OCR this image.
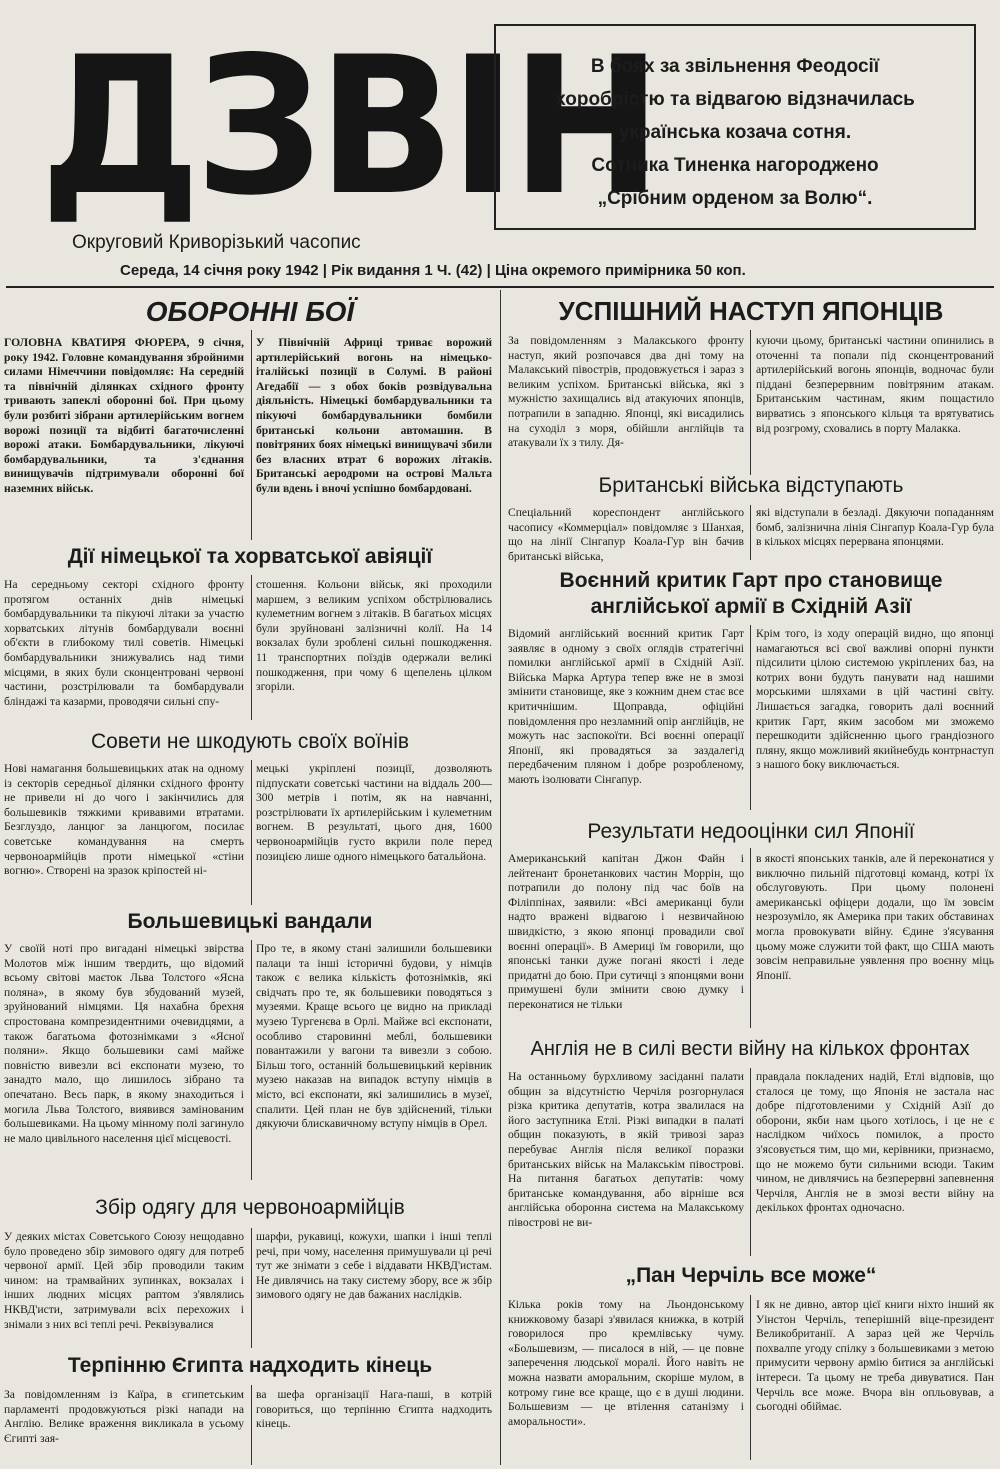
ДЗВІН
Округовий Криворізький часопис
В боях за звільнення Феодосії
хоробрістю та відвагою відзначилась
українська козача сотня.
Сотника Тиненка нагороджено
„Срібним орденом за Волю“.
Середа, 14 січня року 1942 | Рік видання 1 Ч. (42) | Ціна окремого примірника 50 коп.
ОБОРОННІ БОЇ
ГОЛОВНА КВАТИРЯ ФЮРЕРА, 9 січня, року 1942. Головне командування збройними силами Німеччини повідомляє: На середній та північній ділянках східного фронту тривають запеклі оборонні бої. При цьому були розбиті зібрани артилерійським вогнем ворожі позиції та відбиті багаточисленні ворожі атаки. Бомбардувальники, лікуючі бомбардувальники, та з'єднання винищувачів підтримували оборонні бої наземних військ.
У Північній Африці триває ворожий артилерійський вогонь на німецько-італійські позиції в Солумі. В районі Агедабії — з обох боків розвідувальна діяльність. Німецькі бомбардувальники та пікуючі бомбардувальники бомбили британські кольони автомашин. В повітряних боях німецькі винищувачі збили без власних втрат 6 ворожих літаків. Британські аеродроми на острові Мальта були вдень і вночі успішно бомбардовані.
Дії німецької та хорватської авіяції
На середньому секторі східного фронту протягом останніх днів німецькі бомбардувальники та пікуючі літаки за участю хорватських літунів бомбардували воєнні об'єкти в глибокому тилі советів. Німецькі бомбардувальники знижувались над тими місцями, в яких були сконцентровані червоні частини, розстрілювали та бомбардували бліндажі та казарми, проводячи сильні спу-
стошення. Кольони військ, які проходили маршем, з великим успіхом обстрілювались кулеметним вогнем з літаків. В багатьох місцях були зруйновані залізничні колії. На 14 вокзалах були зроблені сильні пошкодження. 11 транспортних поїздів одержали великі пошкодження, при чому 6 щепелень цілком згоріли.
Совети не шкодують своїх воїнів
Нові намагання большевицьких атак на одному із секторів середньої ділянки східного фронту не привели ні до чого і закінчились для большевиків тяжкими кривавими втратами. Безглуздо, ланцюг за ланцюгом, посилає советське командування на смерть червоноармійців проти німецької «стіни вогню». Створені на зразок кріпостей ні-
мецькі укріплені позиції, дозволяють підпускати советські частини на віддаль 200—300 метрів і потім, як на навчанні, розстрілювати їх артилерійським і кулеметним вогнем. В результаті, цього дня, 1600 червоноармійців густо вкрили поле перед позицією лише одного німецького батальйона.
Большевицькі вандали
У своїй ноті про вигадані німецькі звірства Молотов між іншим твердить, що відомий всьому світові маєток Льва Толстого «Ясна поляна», в якому був збудований музей, зруйнований німцями. Ця нахабна брехня спростована компрезидентними очевидцями, а також багатьома фотознімками з «Ясної поляни». Якщо большевики самі майже повністю вивезли всі експонати музею, то занадто мало, що лишилось зібрано та опечатано. Весь парк, в якому знаходиться і могила Льва Толстого, виявився замінованим большевиками. На цьому мінному полі загинуло не мало цивільного населення цієї місцевості.
Про те, в якому стані залишили большевики палаци та інші історичні будови, у німців також є велика кількість фотознімків, які свідчать про те, як большевики поводяться з музеями. Краще всього це видно на прикладі музею Тургенєва в Орлі. Майже всі експонати, особливо старовинні меблі, большевики повантажили у вагони та вивезли з собою. Більш того, останній большевицький керівник музею наказав на випадок вступу німців в місто, всі експонати, які залишились в музеї, спалити. Цей план не був здійснений, тільки дякуючи блискавичному вступу німців в Орел.
Збір одягу для червоноармійців
У деяких містах Советського Союзу нещодавно було проведено збір зимового одягу для потреб червоної армії. Цей збір проводили таким чином: на трамвайних зупинках, вокзалах і інших людних місцях раптом з'являлись НКВД'исти, затримували всіх перехожих і знімали з них всі теплі речі. Реквізувалися
шарфи, рукавиці, кожухи, шапки і інші теплі речі, при чому, населення примушували ці речі тут же знімати з себе і віддавати НКВД'истам. Не дивлячись на таку систему збору, все ж збір зимового одягу не дав бажаних наслідків.
Терпінню Єгипта надходить кінець
За повідомленням із Каїра, в єгипетським парламенті продовжуються різкі напади на Англію. Велике враження викликала в усьому Єгипті зая-
ва шефа організації Нага-паші, в котрій говориться, що терпінню Єгипта надходить кінець.
УСПІШНИЙ НАСТУП ЯПОНЦІВ
За повідомленням з Малакського фронту наступ, який розпочався два дні тому на Малакський півострів, продовжується і зараз з великим успіхом. Британські війська, які з мужністю захищались від атакуючих японців, потрапили в западню. Японці, які висадились на суходіл з моря, обійшли англійців та атакували їх з тилу. Дя-
куючи цьому, британські частини опинились в оточенні та попали під сконцентрований артилерійський вогонь японців, водночас були піддані безперервним повітряним атакам. Британським частинам, яким пощастило вирватись з японського кільця та врятуватись від розгрому, сховались в порту Малакка.
Британські війська відступають
Спеціальний кореспондент англійського часопису «Коммерціал» повідомляє з Шанхая, що на лінії Сінгапур Коала-Гур він бачив британські війська,
які відступали в безладі. Дякуючи попаданням бомб, залізнична лінія Сінгапур Коала-Гур була в кількох місцях перервана японцями.
Воєнний критик Гарт про становище англійської армії в Східній Азії
Відомий англійський воєнний критик Гарт заявляє в одному з своїх оглядів стратегічні помилки англійської армії в Східній Азії. Війська Марка Артура тепер вже не в змозі змінити становище, яке з кожним днем стає все критичнішим. Щоправда, офіційні повідомлення про незламний опір англійців, не можуть нас заспокоїти. Всі воєнні операції Японії, які провадяться за заздалегід передбаченим пляном і добре розробленому, мають ізолювати Сінгапур.
Крім того, із ходу операцій видно, що японці намагаються всі свої важливі опорні пункти підсилити цілою системою укріплених баз, на котрих вони будуть панувати над нашими морськими шляхами в цій частині світу. Лишається загадка, говорить далі воєнний критик Гарт, яким засобом ми зможемо перешкодити здійсненню цього грандіозного пляну, якщо можливий якийнебудь контрнаступ з нашого боку виключається.
Результати недооцінки сил Японії
Американський капітан Джон Файн і лейтенант бронетанкових частин Моррін, що потрапили до полону під час боїв на Філіппінах, заявили: «Всі американці були надто вражені відвагою і незвичайною швидкістю, з якою японці провадили свої воєнні операції». В Америці їм говорили, що японські танки дуже погані якості і леде придатні до бою. При сутичці з японцями вони примушені були змінити свою думку і переконатися не тільки
в якості японських танків, але й переконатися у виключно пильній підготовці команд, котрі їх обслуговують. При цьому полонені американські офіцери додали, що їм зовсім незрозуміло, як Америка при таких обставинах могла провокувати війну. Єдине з'ясування цьому може служити той факт, що США мають зовсім неправильне уявлення про воєнну міць Японії.
Англія не в силі вести війну на кількох фронтах
На останньому бурхливому засіданні палати общин за відсутністю Черчіля розгорнулася різка критика депутатів, котра звалилася на його заступника Етлі. Різкі випадки в палаті общин показують, в якій тривозі зараз перебуває Англія після великої поразки британських військ на Малакськім півострові. На питання багатьох депутатів: чому британське командування, або вірніше вся англійська оборонна система на Малакському півострові не ви-
правдала покладених надій, Етлі відповів, що сталося це тому, що Японія не застала нас добре підготовленими у Східній Азії до оборони, якби нам цього хотілось, і це не є наслідком чиїхось помилок, а просто з'ясовується тим, що ми, керівники, признаємо, що не можемо бути сильними всюди. Таким чином, не дивлячись на безперервні запевнення Черчіля, Англія не в змозі вести війну на декількох фронтах одночасно.
„Пан Черчіль все може“
Кілька років тому на Льондонському книжковому базарі з'явилася книжка, в котрій говорилося про кремлівську чуму. «Большевизм, — писалося в ній, — це повне заперечення людської моралі. Його навіть не можна назвати аморальним, скоріше мулом, в котрому гине все краще, що є в душі людини. Большевизм — це втілення сатанізму і аморальности».
І як не дивно, автор цієї книги ніхто інший як Уінстон Черчіль, теперішній віце-президент Великобританії. А зараз цей же Черчіль похвалпе угоду спілку з большевиками з метою примусити червону армію битися за англійські інтереси. Та цьому не треба дивуватися. Пан Черчіль все може. Вчора він опльовував, а сьогодні обіймає.
